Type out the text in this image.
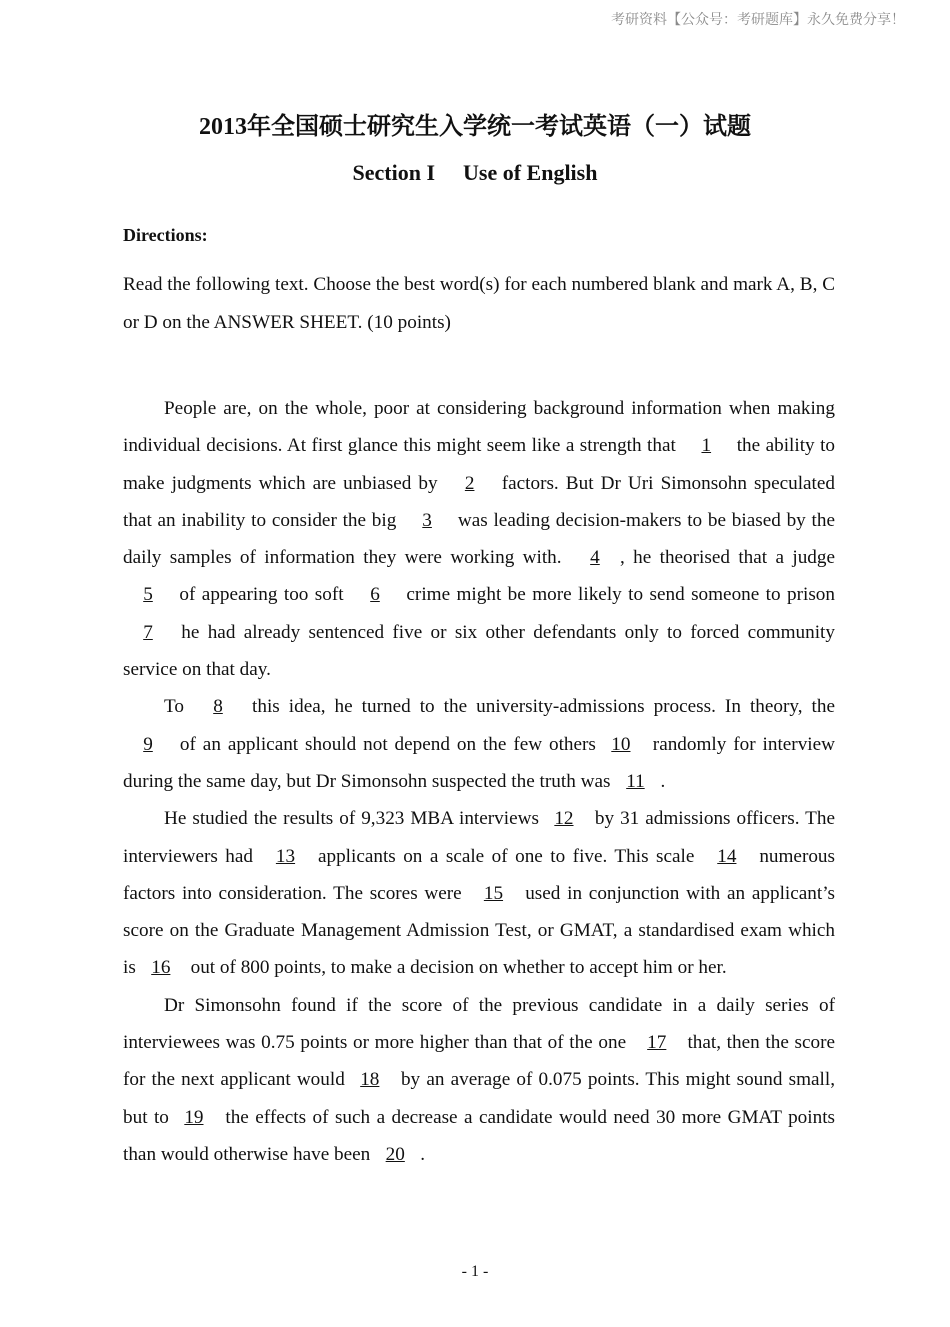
考研资料【公众号：考研题库】永久免费分享！
2013年全国硕士研究生入学统一考试英语（一）试题
Section I Use of English
Directions:
Read the following text. Choose the best word(s) for each numbered blank and mark A, B, C or D on the ANSWER SHEET. (10 points)

People are, on the whole, poor at considering background information when making individual decisions. At first glance this might seem like a strength that 1 the ability to make judgments which are unbiased by 2 factors. But Dr Uri Simonsohn speculated that an inability to consider the big 3 was leading decision-makers to be biased by the daily samples of information they were working with. 4 , he theorised that a judge 5 of appearing too soft 6 crime might be more likely to send someone to prison 7 he had already sentenced five or six other defendants only to forced community service on that day.

To 8 this idea, he turned to the university-admissions process. In theory, the 9 of an applicant should not depend on the few others 10 randomly for interview during the same day, but Dr Simonsohn suspected the truth was 11 .

He studied the results of 9,323 MBA interviews 12 by 31 admissions officers. The interviewers had 13 applicants on a scale of one to five. This scale 14 numerous factors into consideration. The scores were 15 used in conjunction with an applicant’s score on the Graduate Management Admission Test, or GMAT, a standardised exam which is 16 out of 800 points, to make a decision on whether to accept him or her.

Dr Simonsohn found if the score of the previous candidate in a daily series of interviewees was 0.75 points or more higher than that of the one 17 that, then the score for the next applicant would 18 by an average of 0.075 points. This might sound small, but to 19 the effects of such a decrease a candidate would need 30 more GMAT points than would otherwise have been 20 .

- 1 -
